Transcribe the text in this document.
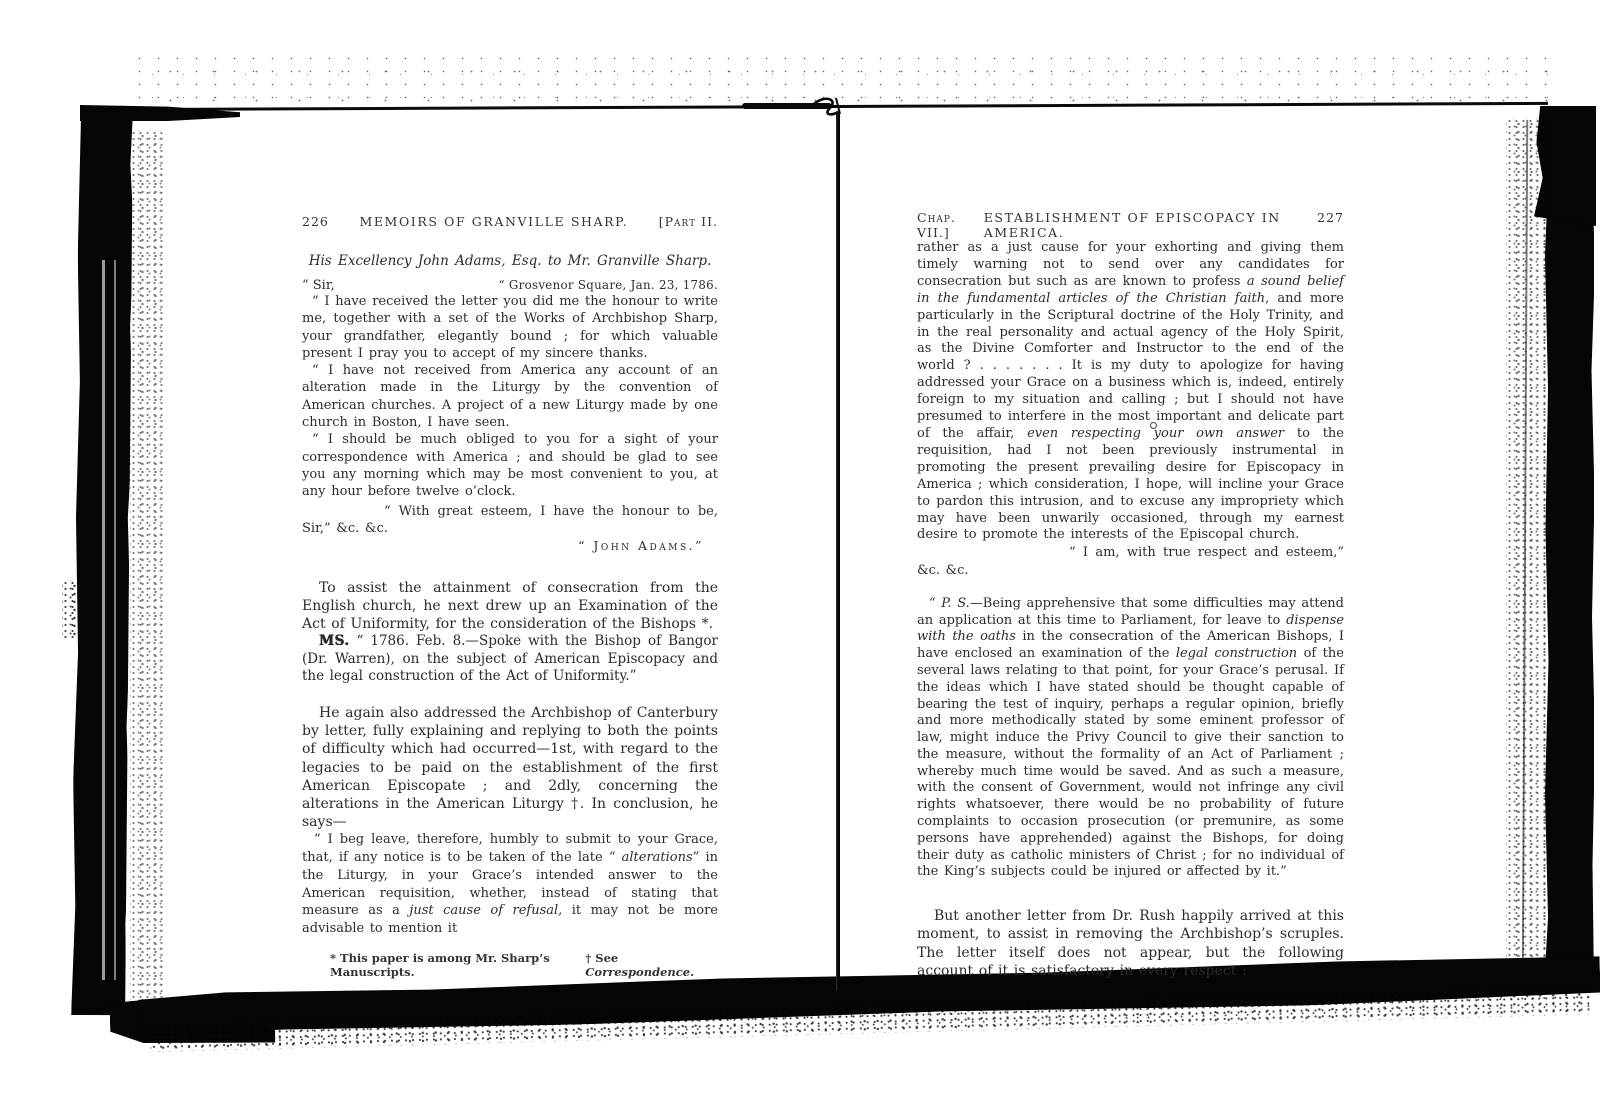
226 MEMOIRS OF GRANVILLE SHARP. [Part II.
His Excellency John Adams, Esq. to Mr. Granville Sharp.
“ Sir,	“ Grosvenor Square, Jan. 23, 1786.

“ I have received the letter you did me the honour to write me, together with a set of the Works of Archbishop Sharp, your grandfather, elegantly bound ; for which valuable present I pray you to accept of my sincere thanks.

“ I have not received from America any account of an alteration made in the Liturgy by the convention of American churches. A project of a new Liturgy made by one church in Boston, I have seen.

“ I should be much obliged to you for a sight of your correspondence with America ; and should be glad to see you any morning which may be most convenient to you, at any hour before twelve o’clock.

“ With great esteem, I have the honour to be, Sir,” &c. &c.

“ John Adams.”

To assist the attainment of consecration from the English church, he next drew up an Examination of the Act of Uniformity, for the consideration of the Bishops *.

MS. “ 1786. Feb. 8.—Spoke with the Bishop of Bangor (Dr. Warren), on the subject of American Episcopacy and the legal construction of the Act of Uniformity.”

He again also addressed the Archbishop of Canterbury by letter, fully explaining and replying to both the points of difficulty which had occurred—1st, with regard to the legacies to be paid on the establishment of the first American Episcopate ; and 2dly, concerning the alterations in the American Liturgy †. In conclusion, he says—

“ I beg leave, therefore, humbly to submit to your Grace, that, if any notice is to be taken of the late “ alterations” in the Liturgy, in your Grace’s intended answer to the American requisition, whether, instead of stating that measure as a just cause of refusal, it may not be more advisable to mention it

* This paper is among Mr. Sharp’s Manuscripts.
† See Correspondence.
Chap. VII.]
ESTABLISHMENT OF EPISCOPACY IN AMERICA.
227

rather as a just cause for your exhorting and giving them timely warning not to send over any candidates for consecration but such as are known to profess a sound belief in the fundamental articles of the Christian faith, and more particularly in the Scriptural doctrine of the Holy Trinity, and in the real personality and actual agency of the Holy Spirit, as the Divine Comforter and Instructor to the end of the world ? . . . . . . . It is my duty to apologize for having addressed your Grace on a business which is, indeed, entirely foreign to my situation and calling ; but I should not have presumed to interfere in the most important and delicate part of the affair, even respecting your own answer to the requisition, had I not been previously instrumental in promoting the present prevailing desire for Episcopacy in America ; which consideration, I hope, will incline your Grace to pardon this intrusion, and to excuse any impropriety which may have been unwarily occasioned, through my earnest desire to promote the interests of the Episcopal church.

“ I am, with true respect and esteem,” &c. &c.

“ P. S.—Being apprehensive that some difficulties may attend an application at this time to Parliament, for leave to dispense with the oaths in the consecration of the American Bishops, I have enclosed an examination of the legal construction of the several laws relating to that point, for your Grace’s perusal. If the ideas which I have stated should be thought capable of bearing the test of inquiry, perhaps a regular opinion, briefly and more methodically stated by some eminent professor of law, might induce the Privy Council to give their sanction to the measure, without the formality of an Act of Parliament ; whereby much time would be saved. And as such a measure, with the consent of Government, would not infringe any civil rights whatsoever, there would be no probability of future complaints to occasion prosecution (or premunire, as some persons have apprehended) against the Bishops, for doing their duty as catholic ministers of Christ ; for no individual of the King’s subjects could be injured or affected by it.”

But another letter from Dr. Rush happily arrived at this moment, to assist in removing the Archbishop’s scruples. The letter itself does not appear, but the following account of it is satisfactory in every respect :
